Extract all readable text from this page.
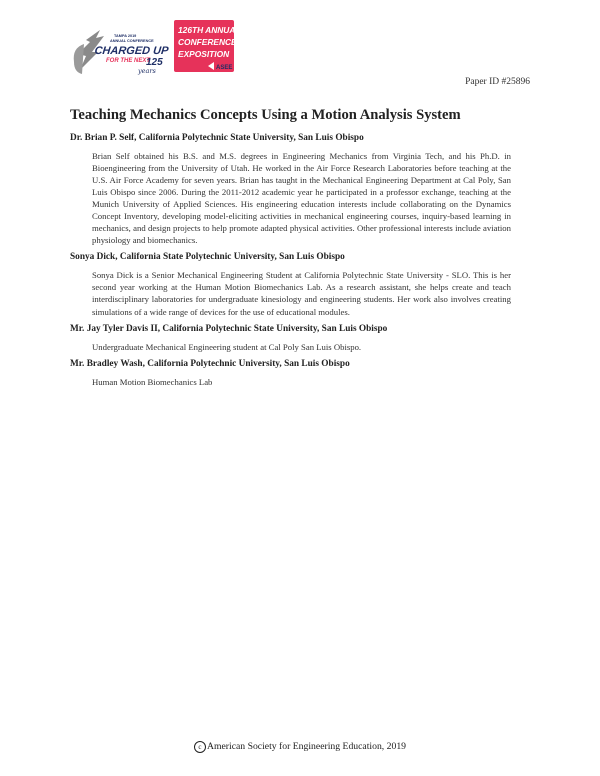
TAMPA 2019
ANNUAL CONFERENCE
CHARGED UP
FOR THE NEXT
125
years
126TH ANNUAL
CONFERENCE &
EXPOSITION
ASEE
Paper ID #25896
Teaching Mechanics Concepts Using a Motion Analysis System

Dr. Brian P. Self, California Polytechnic State University, San Luis Obispo

Brian Self obtained his B.S. and M.S. degrees in Engineering Mechanics from Virginia Tech, and his Ph.D. in Bioengineering from the University of Utah. He worked in the Air Force Research Laboratories before teaching at the U.S. Air Force Academy for seven years. Brian has taught in the Mechanical Engineering Department at Cal Poly, San Luis Obispo since 2006. During the 2011-2012 academic year he participated in a professor exchange, teaching at the Munich University of Applied Sciences. His engineering education interests include collaborating on the Dynamics Concept Inventory, developing model-eliciting activities in mechanical engineering courses, inquiry-based learning in mechanics, and design projects to help promote adapted physical activities. Other professional interests include aviation physiology and biomechanics.

Sonya Dick, California State Polytechnic University, San Luis Obispo

Sonya Dick is a Senior Mechanical Engineering Student at California Polytechnic State University - SLO. This is her second year working at the Human Motion Biomechanics Lab. As a research assistant, she helps create and teach interdisciplinary laboratories for undergraduate kinesiology and engineering students. Her work also involves creating simulations of a wide range of devices for the use of educational modules.

Mr. Jay Tyler Davis II, California Polytechnic State University, San Luis Obispo

Undergraduate Mechanical Engineering student at Cal Poly San Luis Obispo.

Mr. Bradley Wash, California Polytechnic University, San Luis Obispo

Human Motion Biomechanics Lab

c American Society for Engineering Education, 2019
